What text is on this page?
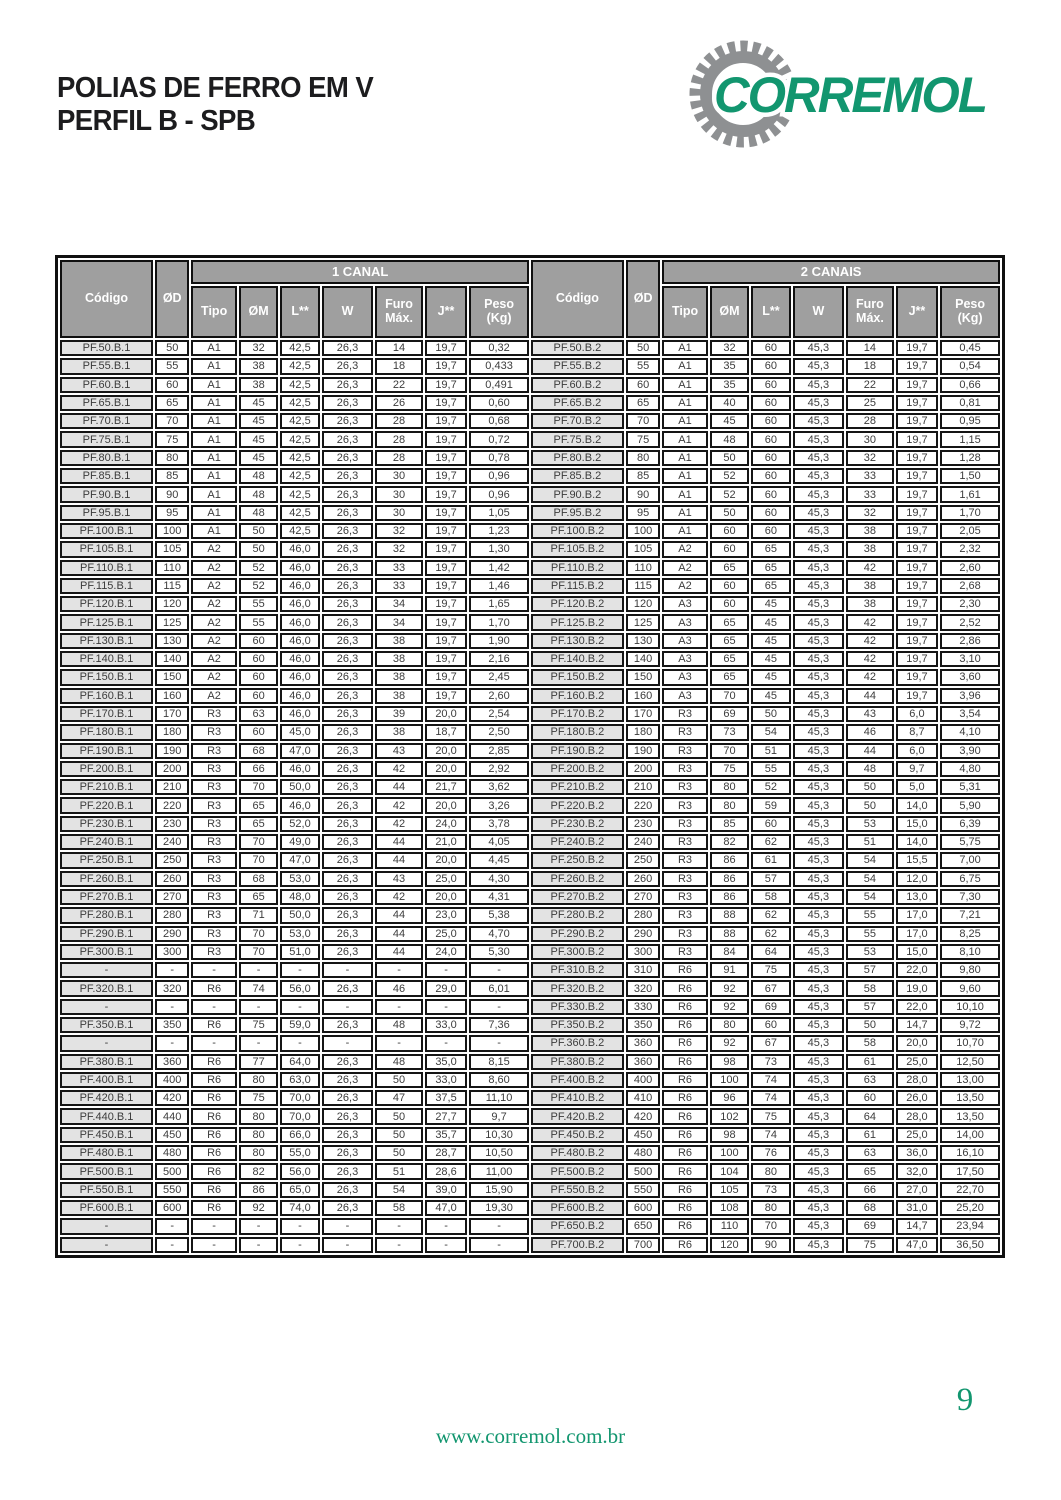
POLIAS DE FERRO EM V
PERFIL B - SPB	CORREMOL
Código	ØD	1 CANAL							Código	ØD	2 CANAIS						
		Tipo	ØM	L**	W	Furo Máx.	J**	Peso (Kg)			Tipo	ØM	L**	W	Furo Máx.	J**	Peso (Kg)
PF.50.B.1	50	A1	32	42,5	26,3	14	19,7	0,32	PF.50.B.2	50	A1	32	60	45,3	14	19,7	0,45
PF.55.B.1	55	A1	38	42,5	26,3	18	19,7	0,433	PF.55.B.2	55	A1	35	60	45,3	18	19,7	0,54
PF.60.B.1	60	A1	38	42,5	26,3	22	19,7	0,491	PF.60.B.2	60	A1	35	60	45,3	22	19,7	0,66
PF.65.B.1	65	A1	45	42,5	26,3	26	19,7	0,60	PF.65.B.2	65	A1	40	60	45,3	25	19,7	0,81
PF.70.B.1	70	A1	45	42,5	26,3	28	19,7	0,68	PF.70.B.2	70	A1	45	60	45,3	28	19,7	0,95
PF.75.B.1	75	A1	45	42,5	26,3	28	19,7	0,72	PF.75.B.2	75	A1	48	60	45,3	30	19,7	1,15
PF.80.B.1	80	A1	45	42,5	26,3	28	19,7	0,78	PF.80.B.2	80	A1	50	60	45,3	32	19,7	1,28
PF.85.B.1	85	A1	48	42,5	26,3	30	19,7	0,96	PF.85.B.2	85	A1	52	60	45,3	33	19,7	1,50
PF.90.B.1	90	A1	48	42,5	26,3	30	19,7	0,96	PF.90.B.2	90	A1	52	60	45,3	33	19,7	1,61
PF.95.B.1	95	A1	48	42,5	26,3	30	19,7	1,05	PF.95.B.2	95	A1	50	60	45,3	32	19,7	1,70
PF.100.B.1	100	A1	50	42,5	26,3	32	19,7	1,23	PF.100.B.2	100	A1	60	60	45,3	38	19,7	2,05
PF.105.B.1	105	A2	50	46,0	26,3	32	19,7	1,30	PF.105.B.2	105	A2	60	65	45,3	38	19,7	2,32
PF.110.B.1	110	A2	52	46,0	26,3	33	19,7	1,42	PF.110.B.2	110	A2	65	65	45,3	42	19,7	2,60
PF.115.B.1	115	A2	52	46,0	26,3	33	19,7	1,46	PF.115.B.2	115	A2	60	65	45,3	38	19,7	2,68
PF.120.B.1	120	A2	55	46,0	26,3	34	19,7	1,65	PF.120.B.2	120	A3	60	45	45,3	38	19,7	2,30
PF.125.B.1	125	A2	55	46,0	26,3	34	19,7	1,70	PF.125.B.2	125	A3	65	45	45,3	42	19,7	2,52
PF.130.B.1	130	A2	60	46,0	26,3	38	19,7	1,90	PF.130.B.2	130	A3	65	45	45,3	42	19,7	2,86
PF.140.B.1	140	A2	60	46,0	26,3	38	19,7	2,16	PF.140.B.2	140	A3	65	45	45,3	42	19,7	3,10
PF.150.B.1	150	A2	60	46,0	26,3	38	19,7	2,45	PF.150.B.2	150	A3	65	45	45,3	42	19,7	3,60
PF.160.B.1	160	A2	60	46,0	26,3	38	19,7	2,60	PF.160.B.2	160	A3	70	45	45,3	44	19,7	3,96
PF.170.B.1	170	R3	63	46,0	26,3	39	20,0	2,54	PF.170.B.2	170	R3	69	50	45,3	43	6,0	3,54
PF.180.B.1	180	R3	60	45,0	26,3	38	18,7	2,50	PF.180.B.2	180	R3	73	54	45,3	46	8,7	4,10
PF.190.B.1	190	R3	68	47,0	26,3	43	20,0	2,85	PF.190.B.2	190	R3	70	51	45,3	44	6,0	3,90
PF.200.B.1	200	R3	66	46,0	26,3	42	20,0	2,92	PF.200.B.2	200	R3	75	55	45,3	48	9,7	4,80
PF.210.B.1	210	R3	70	50,0	26,3	44	21,7	3,62	PF.210.B.2	210	R3	80	52	45,3	50	5,0	5,31
PF.220.B.1	220	R3	65	46,0	26,3	42	20,0	3,26	PF.220.B.2	220	R3	80	59	45,3	50	14,0	5,90
PF.230.B.1	230	R3	65	52,0	26,3	42	24,0	3,78	PF.230.B.2	230	R3	85	60	45,3	53	15,0	6,39
PF.240.B.1	240	R3	70	49,0	26,3	44	21,0	4,05	PF.240.B.2	240	R3	82	62	45,3	51	14,0	5,75
PF.250.B.1	250	R3	70	47,0	26,3	44	20,0	4,45	PF.250.B.2	250	R3	86	61	45,3	54	15,5	7,00
PF.260.B.1	260	R3	68	53,0	26,3	43	25,0	4,30	PF.260.B.2	260	R3	86	57	45,3	54	12,0	6,75
PF.270.B.1	270	R3	65	48,0	26,3	42	20,0	4,31	PF.270.B.2	270	R3	86	58	45,3	54	13,0	7,30
PF.280.B.1	280	R3	71	50,0	26,3	44	23,0	5,38	PF.280.B.2	280	R3	88	62	45,3	55	17,0	7,21
PF.290.B.1	290	R3	70	53,0	26,3	44	25,0	4,70	PF.290.B.2	290	R3	88	62	45,3	55	17,0	8,25
PF.300.B.1	300	R3	70	51,0	26,3	44	24,0	5,30	PF.300.B.2	300	R3	84	64	45,3	53	15,0	8,10
-	-	-	-	-	-	-	-	-	PF.310.B.2	310	R6	91	75	45,3	57	22,0	9,80
PF.320.B.1	320	R6	74	56,0	26,3	46	29,0	6,01	PF.320.B.2	320	R6	92	67	45,3	58	19,0	9,60
-	-	-	-	-	-	-	-	-	PF.330.B.2	330	R6	92	69	45,3	57	22,0	10,10
PF.350.B.1	350	R6	75	59,0	26,3	48	33,0	7,36	PF.350.B.2	350	R6	80	60	45,3	50	14,7	9,72
-	-	-	-	-	-	-	-	-	PF.360.B.2	360	R6	92	67	45,3	58	20,0	10,70
PF.380.B.1	360	R6	77	64,0	26,3	48	35,0	8,15	PF.380.B.2	360	R6	98	73	45,3	61	25,0	12,50
PF.400.B.1	400	R6	80	63,0	26,3	50	33,0	8,60	PF.400.B.2	400	R6	100	74	45,3	63	28,0	13,00
PF.420.B.1	420	R6	75	70,0	26,3	47	37,5	11,10	PF.410.B.2	410	R6	96	74	45,3	60	26,0	13,50
PF.440.B.1	440	R6	80	70,0	26,3	50	27,7	9,7	PF.420.B.2	420	R6	102	75	45,3	64	28,0	13,50
PF.450.B.1	450	R6	80	66,0	26,3	50	35,7	10,30	PF.450.B.2	450	R6	98	74	45,3	61	25,0	14,00
PF.480.B.1	480	R6	80	55,0	26,3	50	28,7	10,50	PF.480.B.2	480	R6	100	76	45,3	63	36,0	16,10
PF.500.B.1	500	R6	82	56,0	26,3	51	28,6	11,00	PF.500.B.2	500	R6	104	80	45,3	65	32,0	17,50
PF.550.B.1	550	R6	86	65,0	26,3	54	39,0	15,90	PF.550.B.2	550	R6	105	73	45,3	66	27,0	22,70
PF.600.B.1	600	R6	92	74,0	26,3	58	47,0	19,30	PF.600.B.2	600	R6	108	80	45,3	68	31,0	25,20
-	-	-	-	-	-	-	-	-	PF.650.B.2	650	R6	110	70	45,3	69	14,7	23,94
-	-	-	-	-	-	-	-	-	PF.700.B.2	700	R6	120	90	45,3	75	47,0	36,50
www.corremol.com.br
9
